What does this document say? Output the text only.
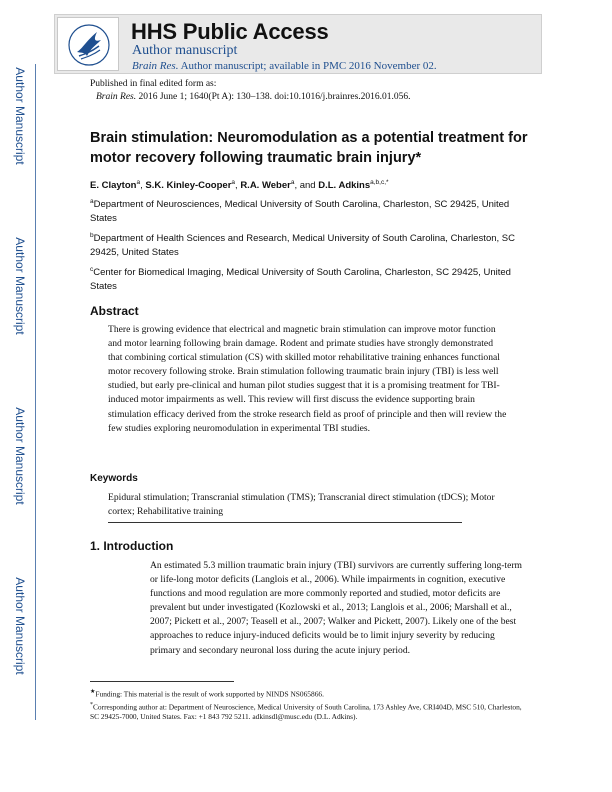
HHS Public Access
Author manuscript
Brain Res. Author manuscript; available in PMC 2016 November 02.
Author Manuscript
Author Manuscript
Author Manuscript
Author Manuscript
Published in final edited form as:
Brain Res. 2016 June 1; 1640(Pt A): 130–138. doi:10.1016/j.brainres.2016.01.056.
Brain stimulation: Neuromodulation as a potential treatment for motor recovery following traumatic brain injury*
E. Clayton$^a$, S.K. Kinley-Cooper$^a$, R.A. Weber$^a$, and D.L. Adkins$^{a,b,c,*}$
$^a$Department of Neurosciences, Medical University of South Carolina, Charleston, SC 29425, United States
$^b$Department of Health Sciences and Research, Medical University of South Carolina, Charleston, SC 29425, United States
$^c$Center for Biomedical Imaging, Medical University of South Carolina, Charleston, SC 29425, United States
Abstract
There is growing evidence that electrical and magnetic brain stimulation can improve motor function and motor learning following brain damage. Rodent and primate studies have strongly demonstrated that combining cortical stimulation (CS) with skilled motor rehabilitative training enhances functional motor recovery following stroke. Brain stimulation following traumatic brain injury (TBI) is less well studied, but early pre-clinical and human pilot studies suggest that it is a promising treatment for TBI-induced motor impairments as well. This review will first discuss the evidence supporting brain stimulation efficacy derived from the stroke research field as proof of principle and then will review the few studies exploring neuromodulation in experimental TBI studies.
Keywords
Epidural stimulation; Transcranial stimulation (TMS); Transcranial direct stimulation (tDCS); Motor cortex; Rehabilitative training
1. Introduction
An estimated 5.3 million traumatic brain injury (TBI) survivors are currently suffering long-term or life-long motor deficits (Langlois et al., 2006). While impairments in cognition, executive functions and mood regulation are more commonly reported and studied, motor deficits are prevalent but under investigated (Kozlowski et al., 2013; Langlois et al., 2006; Marshall et al., 2007; Pickett et al., 2007; Teasell et al., 2007; Walker and Pickett, 2007). Likely one of the best approaches to reduce injury-induced deficits would be to limit injury severity by reducing primary and secondary neuronal loss during the acute injury period.
★Funding: This material is the result of work supported by NINDS NS065866.
*Corresponding author at: Department of Neuroscience, Medical University of South Carolina, 173 Ashley Ave, CRI404D, MSC 510, Charleston, SC 29425-7000, United States. Fax: +1 843 792 5211. adkinsdl@musc.edu (D.L. Adkins).
